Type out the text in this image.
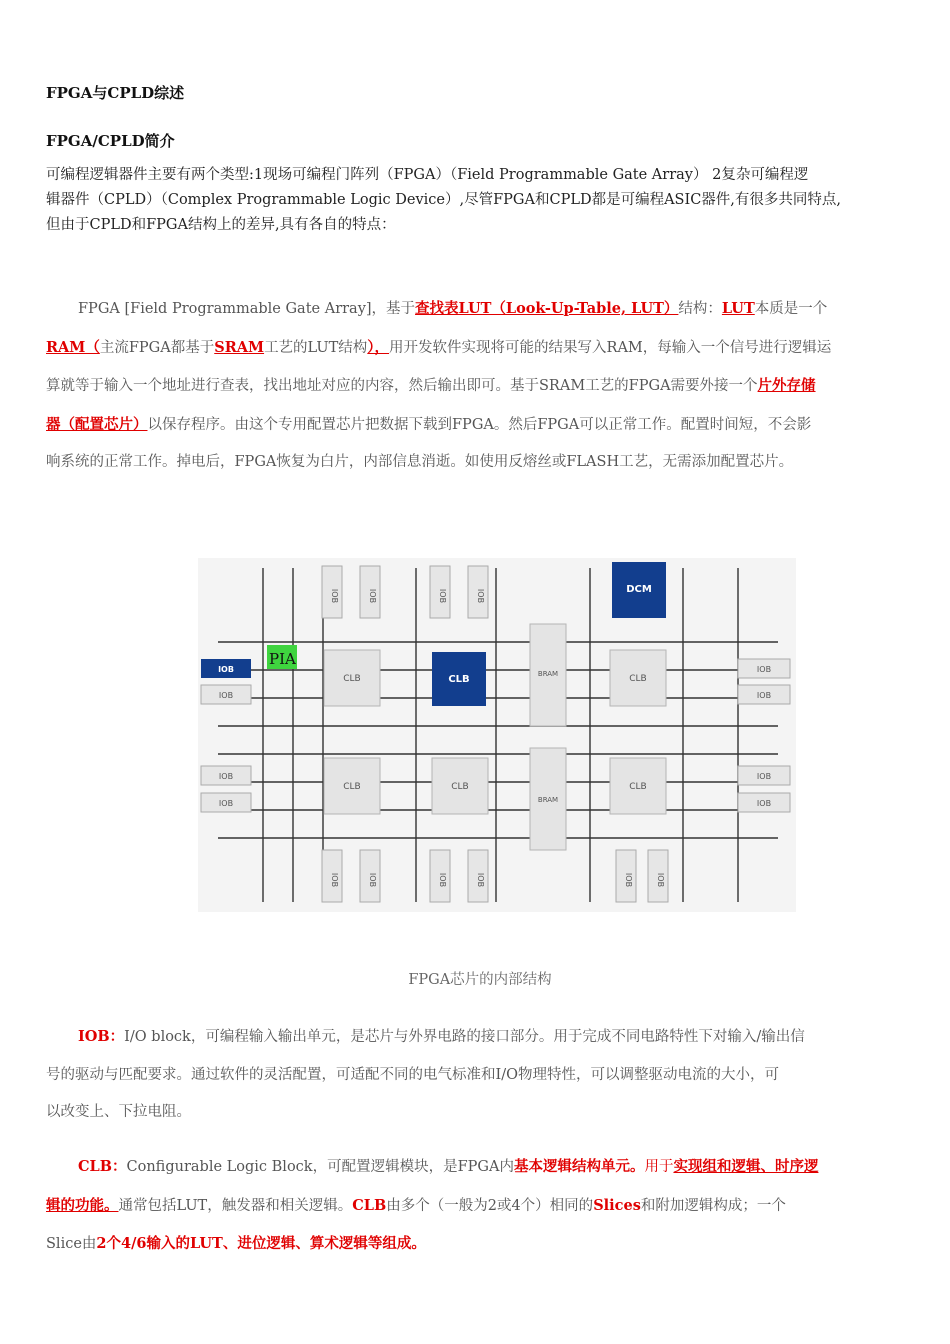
FPGA与CPLD综述
FPGA/CPLD简介
可编程逻辑器件主要有两个类型:1现场可编程门阵列（FPGA）（Field Programmable Gate Array） 2复杂可编程逻
辑器件（CPLD）（Complex Programmable Logic Device）,尽管FPGA和CPLD都是可编程ASIC器件,有很多共同特点,
但由于CPLD和FPGA结构上的差异,具有各自的特点：
FPGA [Field Programmable Gate Array]，基于查找表LUT（Look-Up-Table, LUT）结构：LUT本质是一个
RAM（主流FPGA都基于SRAM工艺的LUT结构），用开发软件实现将可能的结果写入RAM，每输入一个信号进行逻辑运
算就等于输入一个地址进行查表，找出地址对应的内容，然后输出即可。基于SRAM工艺的FPGA需要外接一个片外存储
器（配置芯片）以保存程序。由这个专用配置芯片把数据下载到FPGA。然后FPGA可以正常工作。配置时间短，不会影
响系统的正常工作。掉电后，FPGA恢复为白片，内部信息消逝。如使用反熔丝或FLASH工艺，无需添加配置芯片。
IOB	IOB	IOB	IOB	DCM
PIA
IOB
IOB
IOB
IOB
CLB	CLB	CLB
CLB	CLB	CLB
BRAM
BRAM
IOB
IOB
IOB
IOB
IOB	IOB	IOB	IOB	IOB	IOB
FPGA芯片的内部结构
IOB：I/O block，可编程输入输出单元，是芯片与外界电路的接口部分。用于完成不同电路特性下对输入/输出信
号的驱动与匹配要求。通过软件的灵活配置，可适配不同的电气标准和I/O物理特性，可以调整驱动电流的大小，可
以改变上、下拉电阻。
CLB：Configurable Logic Block，可配置逻辑模块，是FPGA内基本逻辑结构单元。用于实现组和逻辑、时序逻
辑的功能。通常包括LUT，触发器和相关逻辑。CLB由多个（一般为2或4个）相同的Slices和附加逻辑构成；一个
Slice由2个4/6输入的LUT、进位逻辑、算术逻辑等组成。
